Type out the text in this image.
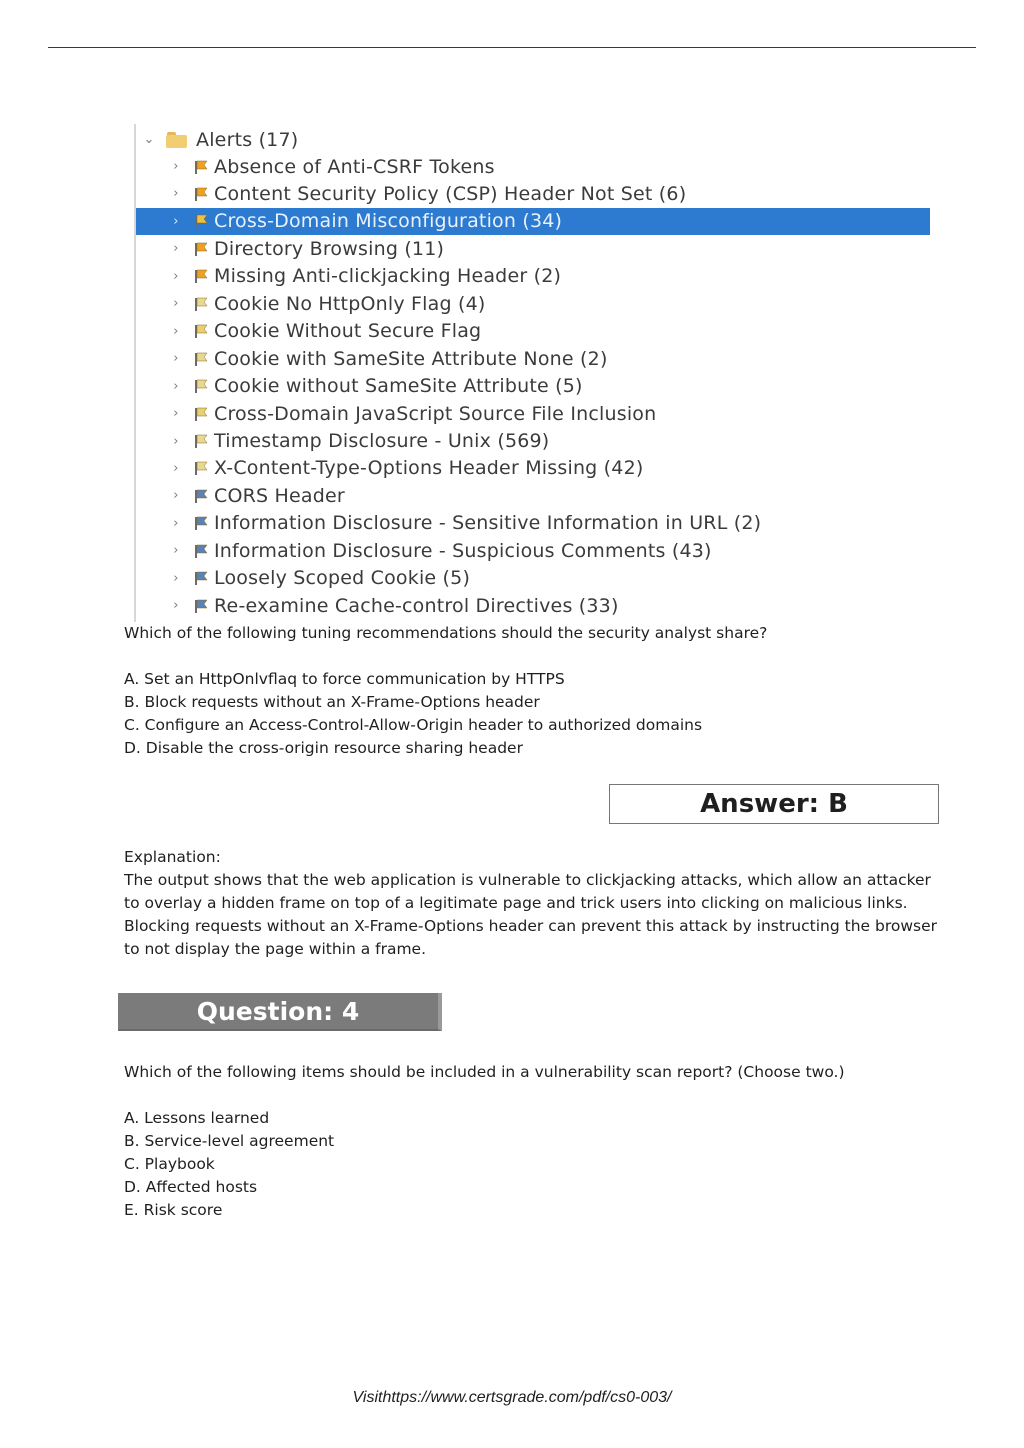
⌄ Alerts (17)
› Absence of Anti-CSRF Tokens
› Content Security Policy (CSP) Header Not Set (6)
› Cross-Domain Misconfiguration (34)
› Directory Browsing (11)
› Missing Anti-clickjacking Header (2)
› Cookie No HttpOnly Flag (4)
› Cookie Without Secure Flag
› Cookie with SameSite Attribute None (2)
› Cookie without SameSite Attribute (5)
› Cross-Domain JavaScript Source File Inclusion
› Timestamp Disclosure - Unix (569)
› X-Content-Type-Options Header Missing (42)
› CORS Header
› Information Disclosure - Sensitive Information in URL (2)
› Information Disclosure - Suspicious Comments (43)
› Loosely Scoped Cookie (5)
› Re-examine Cache-control Directives (33)

Which of the following tuning recommendations should the security analyst share?

A. Set an HttpOnlvflaq to force communication by HTTPS

B. Block requests without an X-Frame-Options header

C. Configure an Access-Control-Allow-Origin header to authorized domains

D. Disable the cross-origin resource sharing header

Answer: B

Explanation:

The output shows that the web application is vulnerable to clickjacking attacks, which allow an attacker

to overlay a hidden frame on top of a legitimate page and trick users into clicking on malicious links.

Blocking requests without an X-Frame-Options header can prevent this attack by instructing the browser

to not display the page within a frame.

Question: 4

Which of the following items should be included in a vulnerability scan report? (Choose two.)

A. Lessons learned

B. Service-level agreement

C. Playbook

D. Affected hosts

E. Risk score

Visithttps://www.certsgrade.com/pdf/cs0-003/
